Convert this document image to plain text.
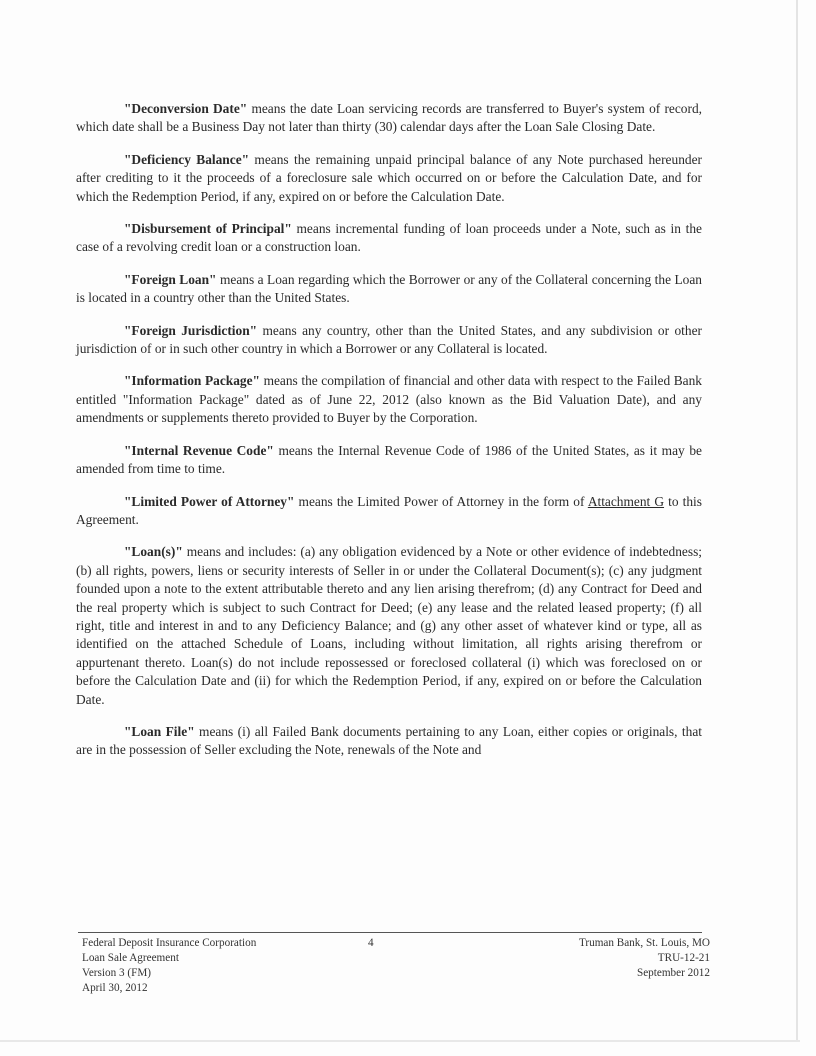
"Deconversion Date" means the date Loan servicing records are transferred to Buyer's system of record, which date shall be a Business Day not later than thirty (30) calendar days after the Loan Sale Closing Date.

"Deficiency Balance" means the remaining unpaid principal balance of any Note purchased hereunder after crediting to it the proceeds of a foreclosure sale which occurred on or before the Calculation Date, and for which the Redemption Period, if any, expired on or before the Calculation Date.

"Disbursement of Principal" means incremental funding of loan proceeds under a Note, such as in the case of a revolving credit loan or a construction loan.

"Foreign Loan" means a Loan regarding which the Borrower or any of the Collateral concerning the Loan is located in a country other than the United States.

"Foreign Jurisdiction" means any country, other than the United States, and any subdivision or other jurisdiction of or in such other country in which a Borrower or any Collateral is located.

"Information Package" means the compilation of financial and other data with respect to the Failed Bank entitled "Information Package" dated as of June 22, 2012 (also known as the Bid Valuation Date), and any amendments or supplements thereto provided to Buyer by the Corporation.

"Internal Revenue Code" means the Internal Revenue Code of 1986 of the United States, as it may be amended from time to time.

"Limited Power of Attorney" means the Limited Power of Attorney in the form of Attachment G to this Agreement.

"Loan(s)" means and includes: (a) any obligation evidenced by a Note or other evidence of indebtedness; (b) all rights, powers, liens or security interests of Seller in or under the Collateral Document(s); (c) any judgment founded upon a note to the extent attributable thereto and any lien arising therefrom; (d) any Contract for Deed and the real property which is subject to such Contract for Deed; (e) any lease and the related leased property; (f) all right, title and interest in and to any Deficiency Balance; and (g) any other asset of whatever kind or type, all as identified on the attached Schedule of Loans, including without limitation, all rights arising therefrom or appurtenant thereto. Loan(s) do not include repossessed or foreclosed collateral (i) which was foreclosed on or before the Calculation Date and (ii) for which the Redemption Period, if any, expired on or before the Calculation Date.

"Loan File" means (i) all Failed Bank documents pertaining to any Loan, either copies or originals, that are in the possession of Seller excluding the Note, renewals of the Note and

Federal Deposit Insurance Corporation
Loan Sale Agreement
Version 3 (FM)
April 30, 2012
4	Truman Bank, St. Louis, MO
TRU-12-21
September 2012
